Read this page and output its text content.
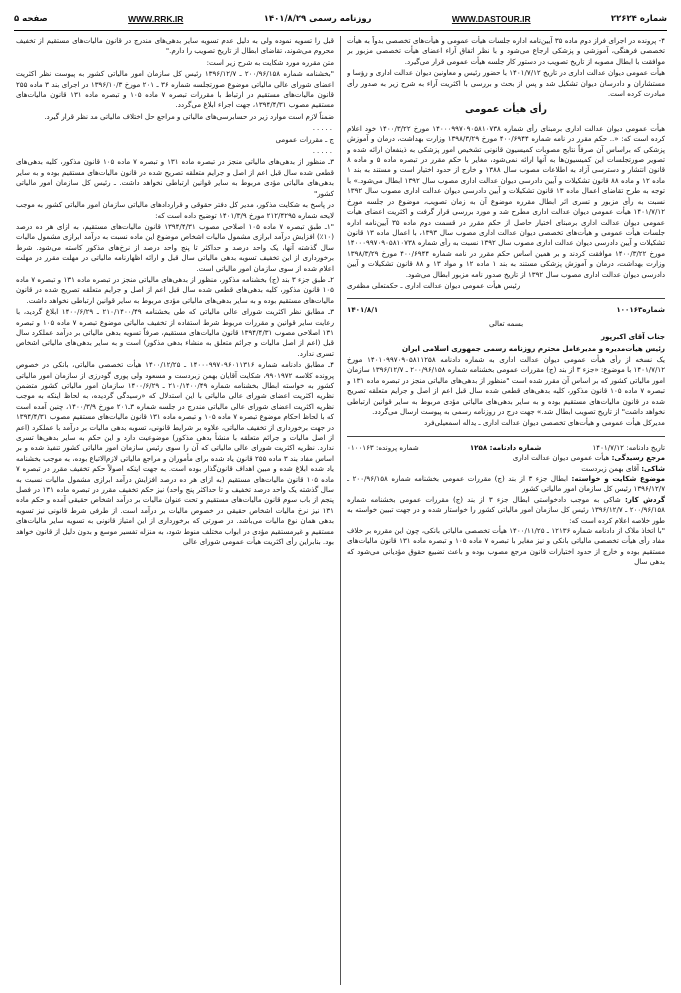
شماره ۲۲۶۲۴
WWW.DASTOUR.IR
روزنامه رسمی ۱۴۰۱/۸/۲۹
WWW.RRK.IR
صفحه ۵

۴- پرونده در اجرای فراز دوم ماده ۳۵ آیین‌نامه اداره جلسات هیأت عمومی و هیأت‌های تخصصی بدواً به هیأت تخصصی فرهنگی، آموزشی و پزشکی ارجاع می‌شود و با نظر اتفاق آراء اعضای هیأت تخصصی مزبور بر موافقت با ابطال مصوبه از تاریخ تصویب در دستور کار جلسه هیأت عمومی قرار می‌گیرد.

هیأت عمومی دیوان عدالت اداری در تاریخ ۱۴۰۱/۷/۱۲ با حضور رئیس و معاونین دیوان عدالت اداری و رؤسا و مستشاران و دادرسان دیوان تشکیل شد و پس از بحث و بررسی با اکثریت آراء به شرح زیر به صدور رأی مبادرت کرده است.

رأی هیأت عمومی

هیأت عمومی دیوان عدالت اداری برمبنای رأی شماره ۱۴۰۰۰۹۹۷۰۹۰۵۸۱۰۷۳۸ مورخ ۱۴۰۰/۳/۲۲ خود اعلام کرده است که: «.. حکم مقرر در نامه شماره ۴۰۰/۶۹۴۴ مورخ ۱۳۹۸/۳/۲۹ وزارت بهداشت، درمان و آموزش پزشکی که براساس آن صرفاً نتایج مصوبات کمیسیون قانونی تشخیص امور پزشکی به ذینفعان ارائه شده و تصویر صورتجلسات این کمیسیون‌ها به آنها ارائه نمی‌شود، مغایر با حکم مقرر در تبصره ماده ۵ و ماده ۸ قانون انتشار و دسترسی آزاد به اطلاعات مصوب سال ۱۳۸۸ و خارج از حدود اختیار است و مستند به بند ۱ ماده ۱۲ و ماده ۸۸ قانون تشکیلات و آیین دادرسی دیوان عدالت اداری مصوب سال ۱۳۹۲ ابطال می‌شود.» با توجه به طرح تقاضای اعمال ماده ۱۳ قانون تشکیلات و آیین دادرسی دیوان عدالت اداری مصوب سال ۱۳۹۲ نسبت به رأی مزبور و تسری اثر ابطال مقرره موضوع آن به زمان تصویب، موضوع در جلسه مورخ ۱۴۰۱/۷/۱۲ هیأت عمومی دیوان عدالت اداری مطرح شد و مورد بررسی قرار گرفت و اکثریت اعضای هیأت عمومی دیوان عدالت اداری برمبنای اختیار حاصل از حکم مقرر در قسمت دوم ماده ۳۵ آیین‌نامه اداره جلسات هیأت عمومی و هیأت‌های تخصصی دیوان عدالت اداری مصوب سال ۱۳۹۳، با اعمال ماده ۱۳ قانون تشکیلات و آیین دادرسی دیوان عدالت اداری مصوب سال ۱۳۹۲ نسبت به رأی شماره ۱۴۰۰۰۹۹۷۰۹۰۵۸۱۰۷۳۸ مورخ ۱۴۰۰/۳/۲۲ موافقت کردند و بر همین اساس حکم مقرر در نامه شماره ۴۰۰/۶۹۴۴ مورخ ۱۳۹۸/۳/۲۹ وزارت بهداشت، درمان و آموزش پزشکی مستند به بند ۱ ماده ۱۲ و مواد ۱۳ و ۸۸ قانون تشکیلات و آیین دادرسی دیوان عدالت اداری مصوب سال ۱۳۹۲ از تاریخ صدور نامه مزبور ابطال می‌شود.

رئیس هیأت عمومی دیوان عدالت اداری ـ حکمتعلی مظفری

شماره۱۰۰۱۶۳
۱۴۰۱/۸/۱
بسمه تعالی

جناب آقای اکبرپور

رئیس هیأت‌مدیره و مدیرعامل محترم روزنامه رسمی جمهوری اسلامی ایران

یک نسخه از رأی هیأت عمومی دیوان عدالت اداری به شماره دادنامه ۱۴۰۱۰۹۹۷۰۹۰۵۸۱۱۲۵۸ مورخ ۱۴۰۱/۷/۱۲ با موضوع: «جزء ۳ از بند (ج) مقررات عمومی بخشنامه شماره ۲۰۰/۹۶/۱۵۸ ـ ۱۳۹۶/۱۲/۷ سازمان امور مالیاتی کشور که بر اساس آن مقرر شده است "منظور از بدهی‌های مالیاتی منجز در تبصره ماده ۱۳۱ و تبصره ۷ ماده ۱۰۵ قانون مذکور، کلیه بدهی‌های قطعی شده سال قبل اعم از اصل و جرایم متعلقه تصریح شده در قانون مالیات‌های مستقیم بوده و به سایر بدهی‌های مالیاتی مؤدی مربوط به سایر قوانین ارتباطی نخواهد داشت" از تاریخ تصویب ابطال شد.» جهت درج در روزنامه رسمی به پیوست ارسال می‌گردد.

مدیرکل هیأت عمومی و هیأت‌های تخصصی دیوان عدالت اداری ـ یداله اسمعیلی‌فرد

تاریخ دادنامه: ۱۴۰۱/۷/۱۲
شماره دادنامه: ۱۲۵۸
شماره پرونده: ۰۱۰۰۱۶۳

مرجع رسیدگی: هیأت عمومی دیوان عدالت اداری

شاکی: آقای بهمن زبردست

موضوع شکایت و خواسته: ابطال جزء ۳ از بند (ج) مقررات عمومی بخشنامه شماره ۲۰۰/۹۶/۱۵۸ ـ ۱۳۹۶/۱۲/۷ رئیس کل سازمان امور مالیاتی کشور

گردش کار: شاکی به موجب دادخواستی ابطال جزء ۳ از بند (ج) مقررات عمومی بخشنامه شماره ۲۰۰/۹۶/۱۵۸ ـ ۱۳۹۶/۱۲/۷ رئیس کل سازمان امور مالیاتی کشور را خواستار شده و در جهت تبیین خواسته به طور خلاصه اعلام کرده است که:

"با اتخاذ ملاک از دادنامه شماره ۱۲۱۳۶ ـ ۱۴۰۰/۱۱/۲۵ هیأت تخصصی مالیاتی بانکی، چون این مقرره بر خلاف مفاد رأی هیأت تخصصی مالیاتی بانکی و نیز مغایر با تبصره ۷ ماده ۱۰۵ و تبصره ماده ۱۳۱ قانون مالیات‌های مستقیم بوده و خارج از حدود اختیارات قانون مرجع مصوب بوده و باعث تضییع حقوق مؤدیانی می‌شود که بدهی سال

قبل را تسویه نموده ولی به دلیل عدم تسویه سایر بدهی‌های مندرج در قانون مالیات‌های مستقیم از تخفیف محروم می‌شوند، تقاضای ابطال از تاریخ تصویب را دارم."

متن مقرره مورد شکایت به شرح زیر است:

"بخشنامه شماره ۲۰۰/۹۶/۱۵۸ ـ ۱۳۹۶/۱۲/۷ رئیس کل سازمان امور مالیاتی کشور به پیوست نظر اکثریت اعضای شورای عالی مالیاتی موضوع صورتجلسه شماره ۳۶ ـ ۲۰۱ مورخ ۱۳۹۶/۱۰/۳ در اجرای بند ۳ ماده ۲۵۵ قانون مالیات‌های مستقیم در ارتباط با مقررات تبصره ۷ ماده ۱۰۵ و تبصره ماده ۱۳۱ قانون مالیات‌های مستقیم مصوب ۱۳۹۴/۴/۳۱، جهت اجراء ابلاغ می‌گردد.

ضمناً لازم است موارد زیر در حسابرسی‌های مالیاتی و مراجع حل اختلاف مالیاتی مد نظر قرار گیرد.

.....

ج ـ مقررات عمومی

.....

۳ـ منظور از بدهی‌های مالیاتی منجز در تبصره ماده ۱۳۱ و تبصره ۷ ماده ۱۰۵ قانون مذکور، کلیه بدهی‌های قطعی شده سال قبل اعم از اصل و جرایم متعلقه تصریح شده در قانون مالیات‌های مستقیم بوده و به سایر بدهی‌های مالیاتی مؤدی مربوط به سایر قوانین ارتباطی نخواهد داشت. ـ رئیس کل سازمان امور مالیاتی کشور"

در پاسخ به شکایت مذکور، مدیر کل دفتر حقوقی و قراردادهای مالیاتی سازمان امور مالیاتی کشور به موجب لایحه شماره ۲۱۲/۴۲۹۵ مورخ ۱۴۰۱/۳/۹ توضیح داده است که:

"۱ـ طبق تبصره ۷ ماده ۱۰۵ اصلاحی مصوب ۱۳۹۴/۴/۳۱ قانون مالیات‌های مستقیم، به ازای هر ده درصد (۱۰٪) افزایش درآمد ابرازی مشمول مالیات اشخاص موضوع این ماده نسبت به درآمد ابرازی مشمول مالیات سال گذشته آنها، یک واحد درصد و حداکثر تا پنج واحد درصد از نرخ‌های مذکور کاسته می‌شود. شرط برخورداری از این تخفیف تسویه بدهی مالیاتی سال قبل و ارائه اظهارنامه مالیاتی در مهلت مقرر در مهلت اعلام شده از سوی سازمان امور مالیاتی است.

۲ـ طبق جزء ۳ بند (ج) بخشنامه مذکور، منظور از بدهی‌های مالیاتی منجز در تبصره ماده ۱۳۱ و تبصره ۷ ماده ۱۰۵ قانون مذکور، کلیه بدهی‌های قطعی شده سال قبل اعم از اصل و جرایم متعلقه تصریح شده در قانون مالیات‌های مستقیم بوده و به سایر بدهی‌های مالیاتی مؤدی مربوط به سایر قوانین ارتباطی نخواهد داشت.

۳ـ مطابق نظر اکثریت شورای عالی مالیاتی که طی بخشنامه ۲۱۰/۱۴۰۰/۴۹ ـ ۱۴۰۰/۶/۲۹ ابلاغ گردید، با رعایت سایر قوانین و مقررات مربوط شرط استفاده از تخفیف مالیاتی موضوع تبصره ۷ ماده ۱۰۵ و تبصره ۱۳۱ اصلاحی مصوب ۱۳۹۴/۴/۳۱ قانون مالیات‌های مستقیم، صرفاً تسویه بدهی مالیاتی بر درآمد عملکرد سال قبل (اعم از اصل مالیات و جرائم متعلق به منشاء بدهی مذکور) است و به سایر بدهی‌های مالیاتی اشخاص تسری ندارد.

۴ـ مطابق دادنامه شماره ۱۴۰۰۰۹۹۷۰۹۶۰۱۱۳۱۶ ـ ۱۴۰۰/۱۲/۲۵ هیأت تخصصی مالیاتی، بانکی در خصوص پرونده کلاسه ۹۹۰۱۹۷۲، شکایت آقایان بهمن زبردست و مسعود ولی پوری گودرزی از سازمان امور مالیاتی کشور به خواسته ابطال بخشنامه شماره ۲۱۰/۱۴۰۰/۴۹ ـ ۱۴۰۰/۶/۲۹ سازمان امور مالیاتی کشور متضمن نظریه اکثریت اعضای شورای عالی مالیاتی با این استدلال که «رسیدگی گردیده، به لحاظ اینکه به موجب نظریه اکثریت اعضای شورای عالی مالیاتی مندرج در جلسه شماره ۳ـ۲۰۱ مورخ ۱۴۰۰/۳/۹، چنین آمده است که با لحاظ احکام موضوع تبصره ۷ ماده ۱۰۵ و تبصره ماده ۱۳۱ قانون مالیات‌های مستقیم مصوب ۱۳۹۴/۴/۳۱ در جهت برخورداری از تخفیف مالیاتی، علاوه بر شرایط قانونی، تسویه بدهی مالیات بر درآمد با عملکرد (اعم از اصل مالیات و جرائم متعلقه با منشأ بدهی مذکور) موضوعیت دارد و این حکم به سایر بدهی‌ها تسری ندارد. نظریه اکثریت شورای عالی مالیاتی که آن را سوی رئیس سازمان امور مالیاتی کشور تنفیذ شده و بر اساس مفاد بند ۳ ماده ۲۵۵ قانون یاد شده برای مأموران و مراجع مالیاتی لازم‌الاتباع بوده، به موجب بخشنامه یاد شده ابلاغ شده و مبین اهداف قانون‌گذار بوده است. به جهت اینکه اصولاً حکم تخفیف مقرر در تبصره ۷ ماده ۱۰۵ قانون مالیات‌های مستقیم (به ازای هر ده درصد افزایش درآمد ابرازی مشمول مالیات نسبت به سال گذشته یک واحد درصد تخفیف و تا حداکثر پنج واحد) نیز حکم تخفیف مقرر در تبصره ماده ۱۳۱ در فصل پنجم از باب سوم قانون مالیات‌های مستقیم و تحت عنوان مالیات بر درآمد اشخاص حقیقی آمده و حکم ماده ۱۳۱ نیز نرخ مالیات اشخاص حقیقی در خصوص مالیات بر درآمد است. از طرفی شرط قانونی نیز تسویه بدهی همان نوع مالیات می‌باشد. در صورتی که برخورداری از این امتیاز قانونی به تسویه سایر مالیات‌های مستقیم و غیرمستقیم مؤدی در ابواب مختلف منوط شود، به منزله تفسیر موسع و بدون دلیل از قانون خواهد بود. بنابراین رأی اکثریت هیأت عمومی شورای عالی
